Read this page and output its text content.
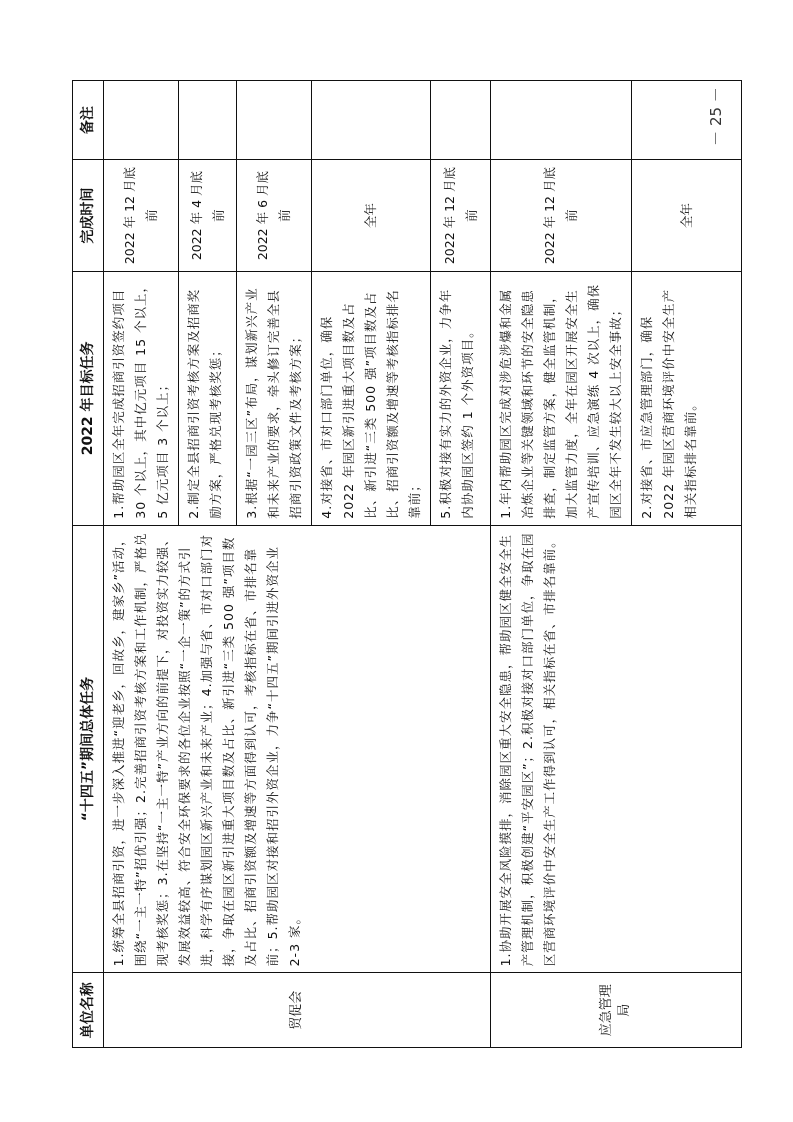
单位名称	“十四五”期间总体任务	2022 年目标任务	完成时间	备注
贸促会	1.统筹全县招商引资，进一步深入推进“迎老乡，回故乡，建家乡”活动，围绕“一主一特”招优引强；2.完善招商引资考核方案和工作机制，严格兑现考核奖惩；3.在坚持“一主一特”产业方向的前提下，对投资实力较强、发展效益较高、符合安全环保要求的各位企业按照“一企一策”的方式引进，科学有序谋划园区新兴产业和未来产业；4.加强与省、市对口部门对接，争取在园区新引进重大项目数及占比、新引进“三类 500 强”项目数及占比、招商引资额及增速等方面得到认可，考核指标在省、市排名靠前；5.帮助园区对接和招引外资企业，力争“十四五”期间引进外资企业 2-3 家。	1.帮助园区全年完成招商引资签约项目 30 个以上，其中亿元项目 15 个以上，5 亿元项目 3 个以上；	2022 年 12 月底前	
		2.制定全县招商引资考核方案及招商奖励方案，严格兑现考核奖惩；	2022 年 4 月底前	
		3.根据“一园三区”布局，谋划新兴产业和未来产业的要求，牵头修订完善全县招商引资政策文件及考核方案；	2022 年 6 月底前	
		4.对接省、市对口部门单位，确保 2022 年园区新引进重大项目数及占比、新引进“三类 500 强”项目数及占比、招商引资额及增速等考核指标排名靠前；	全年	
		5.积极对接有实力的外资企业，力争年内协助园区签约 1 个外资项目。	2022 年 12 月底前	
应急管理局	1.协助开展安全风险摸排，消除园区重大安全隐患，帮助园区健全安全生产管理机制，积极创建“平安园区”；2.积极对接对口部门单位，争取在园区营商环境评价中安全生产工作得到认可，相关指标在省、市排名靠前。	1.年内帮助园区完成对涉危涉爆和金属冶炼企业等关键领域和环节的安全隐患排查，制定监管方案，健全监管机制，加大监管力度，全年在园区开展安全生产宣传培训、应急演练 4 次以上，确保园区全年不发生较大以上安全事故；	2022 年 12 月底前	
		2.对接省、市应急管理部门，确保 2022 年园区营商环境评价中安全生产相关指标排名靠前。	全年	
－ 25 －
